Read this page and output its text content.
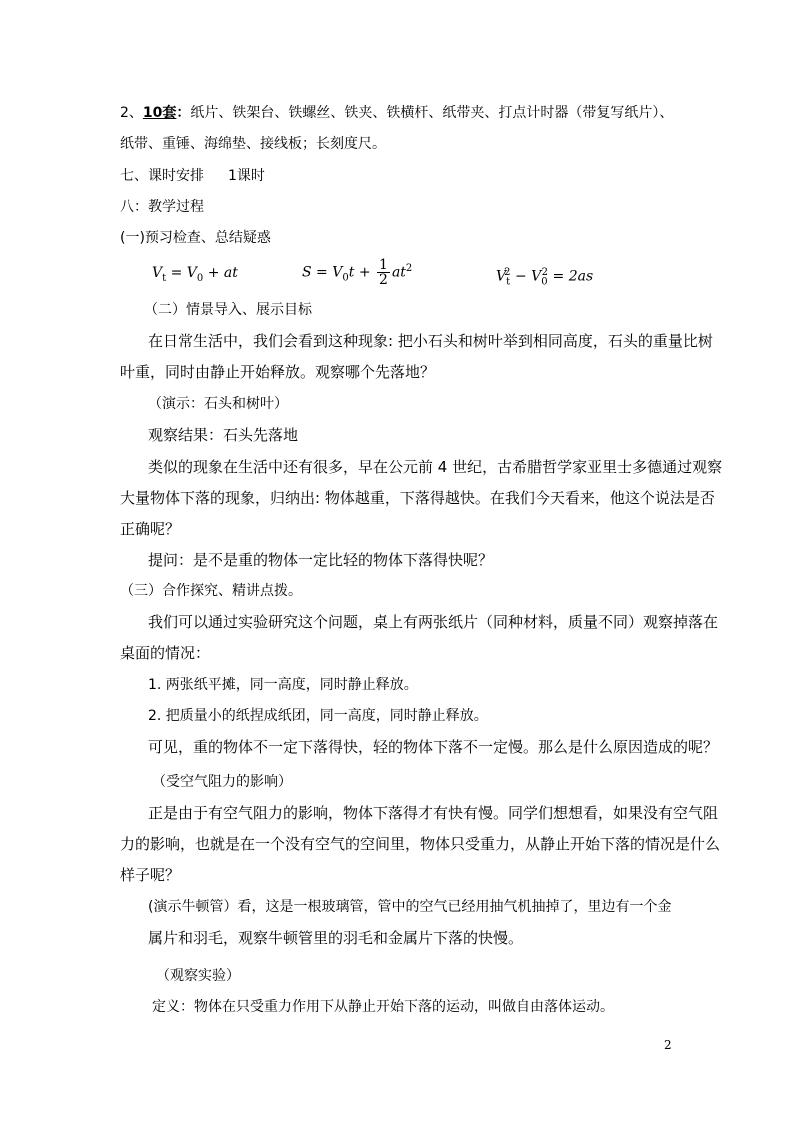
2、10套：纸片、铁架台、铁螺丝、铁夹、铁横杆、纸带夹、打点计时器（带复写纸片）、
纸带、重锤、海绵垫、接线板；长刻度尺。
七、课时安排 1课时
八：教学过程
(一)预习检查、总结疑惑
$V_t = V_0$ + at	$S = V_0t + \frac{1}{2} at^2$
$V_t^2 - V_0^2 = 2as$
（二）情景导入、展示目标
在日常生活中，我们会看到这种现象: 把小石头和树叶举到相同高度，石头的重量比树
叶重，同时由静止开始释放。观察哪个先落地？
（演示：石头和树叶）
观察结果：石头先落地
类似的现象在生活中还有很多，早在公元前 4 世纪，古希腊哲学家亚里士多德通过观察
大量物体下落的现象，归纳出: 物体越重，下落得越快。在我们今天看来，他这个说法是否
正确呢？
提问：是不是重的物体一定比轻的物体下落得快呢？
（三）合作探究、精讲点拨。
我们可以通过实验研究这个问题，桌上有两张纸片（同种材料，质量不同）观察掉落在
桌面的情况：
1. 两张纸平摊，同一高度，同时静止释放。
2. 把质量小的纸捏成纸团，同一高度，同时静止释放。
可见，重的物体不一定下落得快，轻的物体下落不一定慢。那么是什么原因造成的呢？
（受空气阻力的影响）
正是由于有空气阻力的影响，物体下落得才有快有慢。同学们想想看，如果没有空气阻
力的影响，也就是在一个没有空气的空间里，物体只受重力，从静止开始下落的情况是什么
样子呢？
(演示牛顿管）看，这是一根玻璃管，管中的空气已经用抽气机抽掉了，里边有一个金
属片和羽毛，观察牛顿管里的羽毛和金属片下落的快慢。
（观察实验）
定义：物体在只受重力作用下从静止开始下落的运动，叫做自由落体运动。
2
